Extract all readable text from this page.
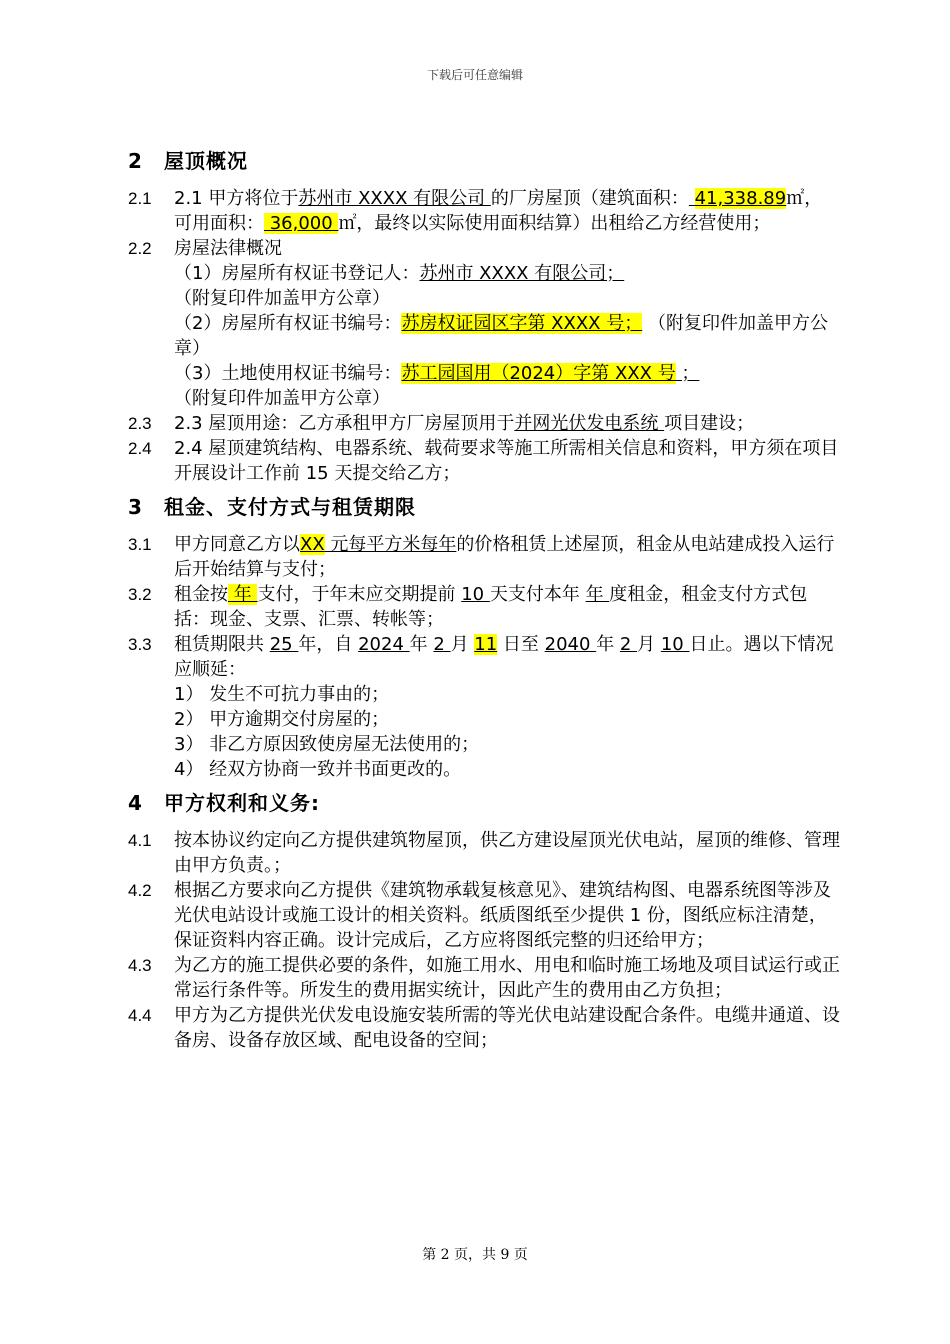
下载后可任意编辑
2 屋顶概况
2.1	2.1 甲方将位于苏州市 XXXX 有限公司 的厂房屋顶（建筑面积： 41,338.89㎡，可用面积： 36,000 ㎡，最终以实际使用面积结算）出租给乙方经营使用；
2.2	房屋法律概况
（1）房屋所有权证书登记人：苏州市 XXXX 有限公司； （附复印件加盖甲方公章）
（2）房屋所有权证书编号：苏房权证园区字第 XXXX 号； （附复印件加盖甲方公章）
（3）土地使用权证书编号：苏工园国用（2024）字第 XXX 号 ；
（附复印件加盖甲方公章）
2.3	2.3 屋顶用途：乙方承租甲方厂房屋顶用于并网光伏发电系统 项目建设；
2.4	2.4 屋顶建筑结构、电器系统、载荷要求等施工所需相关信息和资料，甲方须在项目开展设计工作前 15 天提交给乙方；
3 租金、支付方式与租赁期限
3.1	甲方同意乙方以XX 元每平方米每年的价格租赁上述屋顶，租金从电站建成投入运行后开始结算与支付；
3.2	租金按 年 支付，于年末应交期提前 10 天支付本年 年 度租金，租金支付方式包括：现金、支票、汇票、转帐等；
3.3	租赁期限共 25 年，自 2024 年 2 月 11 日至 2040 年 2 月 10 日止。遇以下情况应顺延：
1） 发生不可抗力事由的；
2） 甲方逾期交付房屋的；
3） 非乙方原因致使房屋无法使用的；
4） 经双方协商一致并书面更改的。
4 甲方权利和义务:
4.1	按本协议约定向乙方提供建筑物屋顶，供乙方建设屋顶光伏电站，屋顶的维修、管理由甲方负责。；
4.2	根据乙方要求向乙方提供《建筑物承载复核意见》、建筑结构图、电器系统图等涉及光伏电站设计或施工设计的相关资料。纸质图纸至少提供 1 份，图纸应标注清楚，保证资料内容正确。设计完成后，乙方应将图纸完整的归还给甲方；
4.3	为乙方的施工提供必要的条件，如施工用水、用电和临时施工场地及项目试运行或正常运行条件等。所发生的费用据实统计，因此产生的费用由乙方负担；
4.4	甲方为乙方提供光伏发电设施安装所需的等光伏电站建设配合条件。电缆井通道、设备房、设备存放区域、配电设备的空间；
第 2 页，共 9 页
